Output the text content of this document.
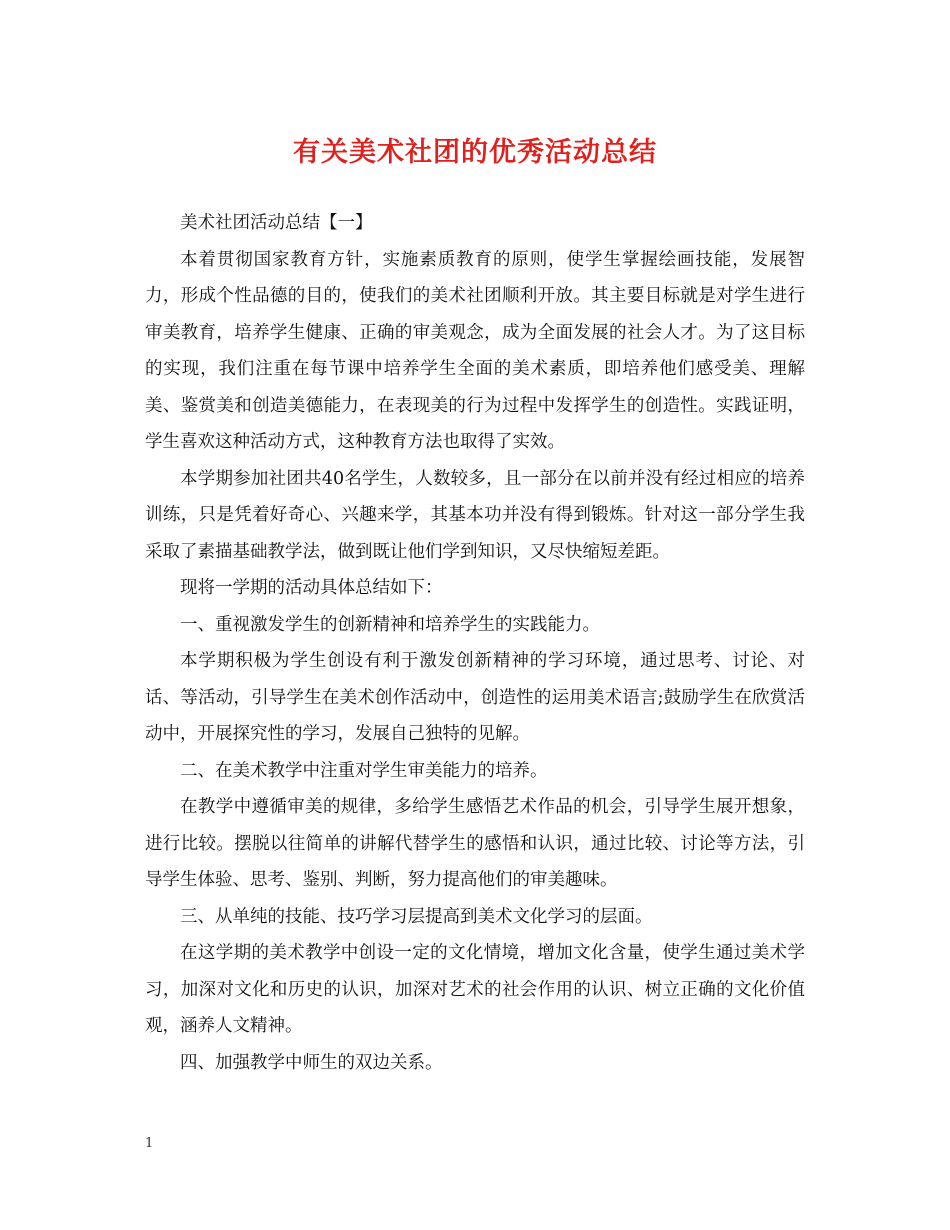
有关美术社团的优秀活动总结

美术社团活动总结【一】

本着贯彻国家教育方针，实施素质教育的原则，使学生掌握绘画技能，发展智力，形成个性品德的目的，使我们的美术社团顺利开放。其主要目标就是对学生进行审美教育，培养学生健康、正确的审美观念，成为全面发展的社会人才。为了这目标的实现，我们注重在每节课中培养学生全面的美术素质，即培养他们感受美、理解美、鉴赏美和创造美德能力，在表现美的行为过程中发挥学生的创造性。实践证明，学生喜欢这种活动方式，这种教育方法也取得了实效。

本学期参加社团共40名学生，人数较多，且一部分在以前并没有经过相应的培养训练，只是凭着好奇心、兴趣来学，其基本功并没有得到锻炼。针对这一部分学生我采取了素描基础教学法，做到既让他们学到知识，又尽快缩短差距。

现将一学期的活动具体总结如下：

一、重视激发学生的创新精神和培养学生的实践能力。

本学期积极为学生创设有利于激发创新精神的学习环境，通过思考、讨论、对话、等活动，引导学生在美术创作活动中，创造性的运用美术语言;鼓励学生在欣赏活动中，开展探究性的学习，发展自己独特的见解。

二、在美术教学中注重对学生审美能力的培养。

在教学中遵循审美的规律，多给学生感悟艺术作品的机会，引导学生展开想象，进行比较。摆脱以往简单的讲解代替学生的感悟和认识，通过比较、讨论等方法，引导学生体验、思考、鉴别、判断，努力提高他们的审美趣味。

三、从单纯的技能、技巧学习层提高到美术文化学习的层面。

在这学期的美术教学中创设一定的文化情境，增加文化含量，使学生通过美术学习，加深对文化和历史的认识，加深对艺术的社会作用的认识、树立正确的文化价值观，涵养人文精神。

四、加强教学中师生的双边关系。

1
